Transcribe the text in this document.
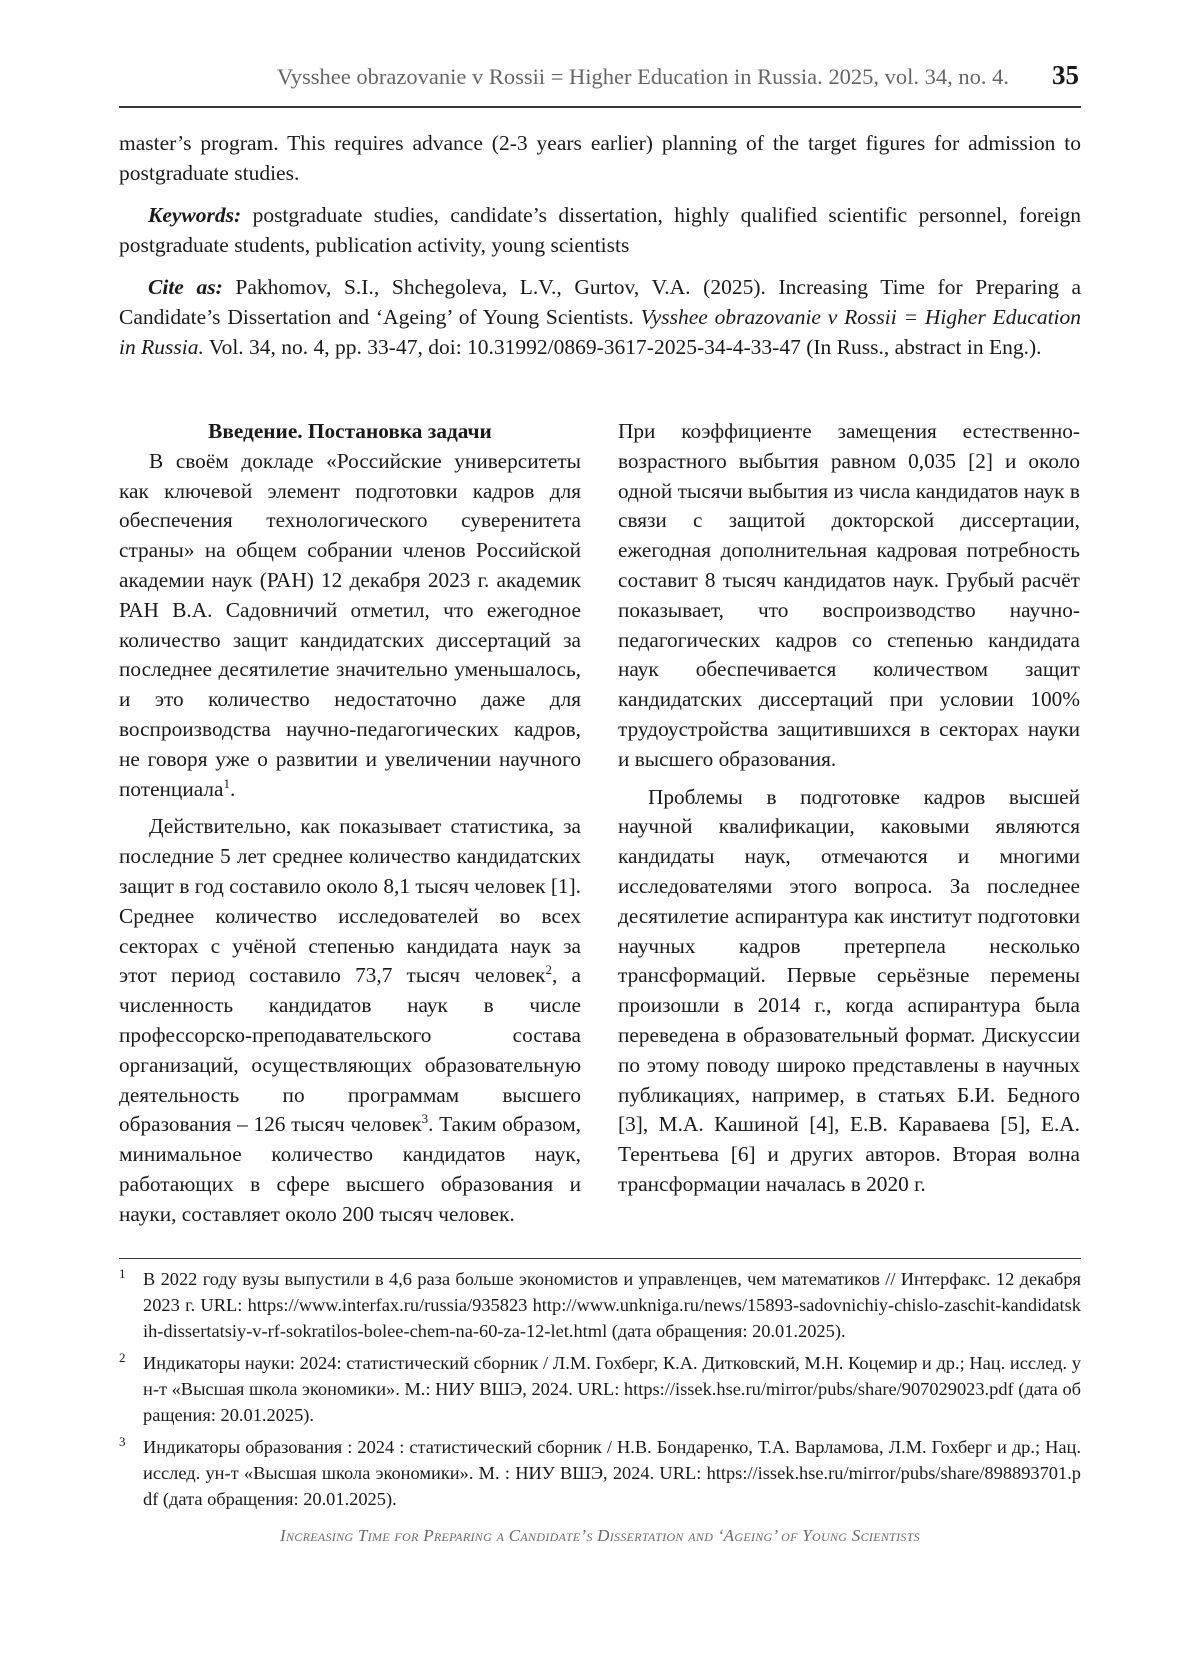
Vysshee obrazovanie v Rossii = Higher Education in Russia. 2025, vol. 34, no. 4. 35

master’s program. This requires advance (2-3 years earlier) planning of the target figures for admission to postgraduate studies.

Keywords: postgraduate studies, candidate’s dissertation, highly qualified scientific personnel, foreign postgraduate students, publication activity, young scientists

Cite as: Pakhomov, S.I., Shchegoleva, L.V., Gurtov, V.A. (2025). Increasing Time for Preparing a Candidate’s Dissertation and ‘Ageing’ of Young Scientists. Vysshee obrazovanie v Rossii = Higher Education in Russia. Vol. 34, no. 4, pp. 33-47, doi: 10.31992/0869-3617-2025-34-4-33-47 (In Russ., abstract in Eng.).

Введение. Постановка задачи

В своём докладе «Российские университеты как ключевой элемент подготовки кадров для обеспечения технологического суверенитета страны» на общем собрании членов Российской академии наук (РАН) 12 декабря 2023 г. академик РАН В.А. Садовничий отметил, что ежегодное количество защит кандидатских диссертаций за последнее десятилетие значительно уменьшалось, и это количество недостаточно даже для воспроизводства научно-педагогических кадров, не говоря уже о развитии и увеличении научного потенциала$^1$.

Действительно, как показывает статистика, за последние 5 лет среднее количество кандидатских защит в год составило около 8,1 тысяч человек [1]. Среднее количество исследователей во всех секторах с учёной степенью кандидата наук за этот период составило 73,7 тысяч человек$^2$, а численность кандидатов наук в числе профессорско-преподавательского состава организаций, осуществляющих образовательную деятельность по программам высшего образования – 126 тысяч человек$^3$. Таким образом, минимальное количество кандидатов наук, работающих в сфере высшего образования и науки, составляет около 200 тысяч человек.

При коэффициенте замещения естественно-возрастного выбытия равном 0,035 [2] и около одной тысячи выбытия из числа кандидатов наук в связи с защитой докторской диссертации, ежегодная дополнительная кадровая потребность составит 8 тысяч кандидатов наук. Грубый расчёт показывает, что воспроизводство научно-педагогических кадров со степенью кандидата наук обеспечивается количеством защит кандидатских диссертаций при условии 100% трудоустройства защитившихся в секторах науки и высшего образования.

Проблемы в подготовке кадров высшей научной квалификации, каковыми являются кандидаты наук, отмечаются и многими исследователями этого вопроса. За последнее десятилетие аспирантура как институт подготовки научных кадров претерпела несколько трансформаций. Первые серьёзные перемены произошли в 2014 г., когда аспирантура была переведена в образовательный формат. Дискуссии по этому поводу широко представлены в научных публикациях, например, в статьях Б.И. Бедного [3], М.А. Кашиной [4], Е.В. Караваева [5], Е.А. Терентьева [6] и других авторов. Вторая волна трансформации началась в 2020 г.

1 В 2022 году вузы выпустили в 4,6 раза больше экономистов и управленцев, чем математиков // Интерфакс. 12 декабря 2023 г. URL: https://www.interfax.ru/russia/935823 http://www.unkniga.ru/news/15893-sadovnichiy-chislo-zaschit-kandidatskih-dissertatsiy-v-rf-sokratilos-bolee-chem-na-60-za-12-let.html (дата обращения: 20.01.2025).
2 Индикаторы науки: 2024: статистический сборник / Л.М. Гохберг, К.А. Дитковский, М.Н. Коцемир и др.; Нац. исслед. ун-т «Высшая школа экономики». М.: НИУ ВШЭ, 2024. URL: https://issek.hse.ru/mirror/pubs/share/907029023.pdf (дата обращения: 20.01.2025).
3 Индикаторы образования : 2024 : статистический сборник / Н.В. Бондаренко, Т.А. Варламова, Л.М. Гохберг и др.; Нац. исслед. ун-т «Высшая школа экономики». М. : НИУ ВШЭ, 2024. URL: https://issek.hse.ru/mirror/pubs/share/898893701.pdf (дата обращения: 20.01.2025).
Increasing Time for Preparing a Candidate’s Dissertation and ‘Ageing’ of Young Scientists
